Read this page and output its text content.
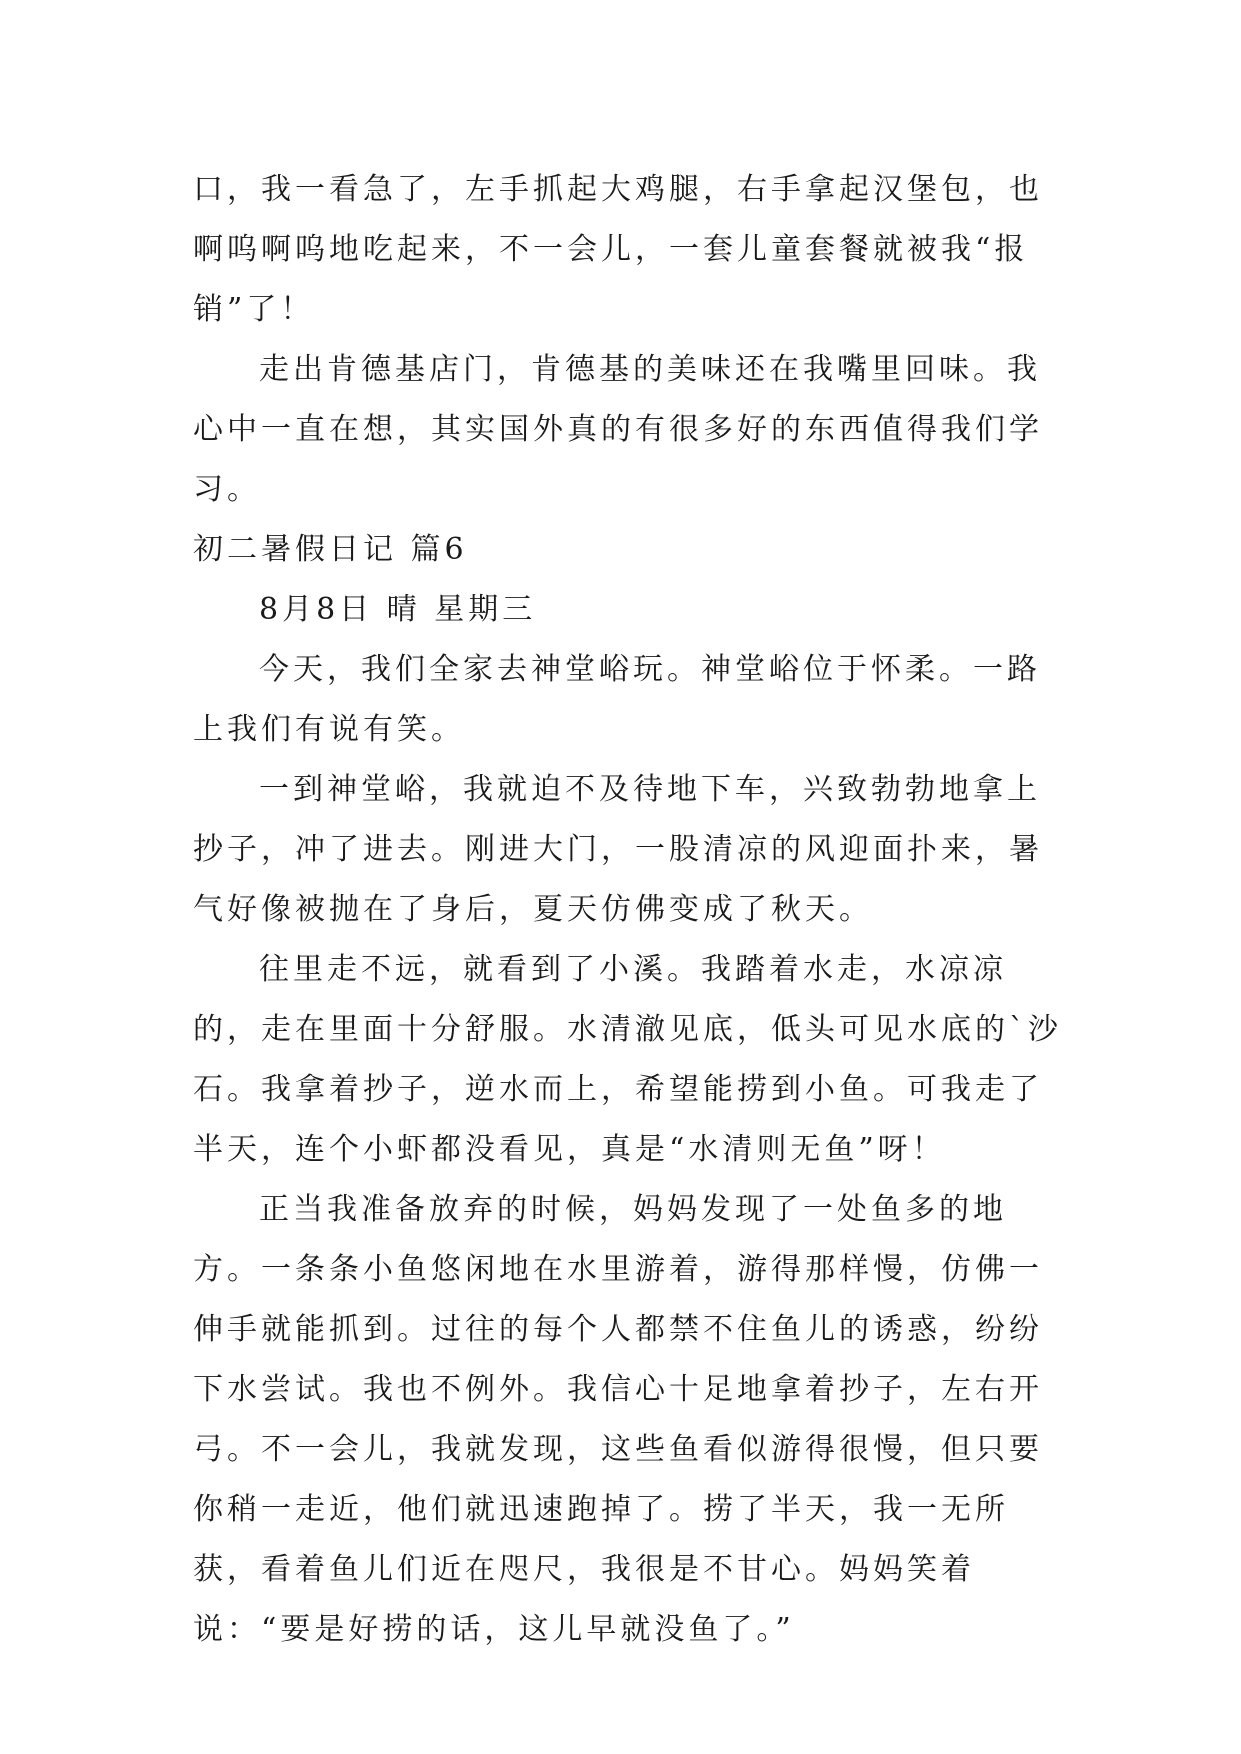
口，我一看急了，左手抓起大鸡腿，右手拿起汉堡包，也啊呜啊呜地吃起来，不一会儿，一套儿童套餐就被我“报销”了！

走出肯德基店门，肯德基的美味还在我嘴里回味。我心中一直在想，其实国外真的有很多好的东西值得我们学习。

初二暑假日记 篇6

8月8日 晴 星期三

今天，我们全家去神堂峪玩。神堂峪位于怀柔。一路上我们有说有笑。

一到神堂峪，我就迫不及待地下车，兴致勃勃地拿上抄子，冲了进去。刚进大门，一股清凉的风迎面扑来，暑气好像被抛在了身后，夏天仿佛变成了秋天。

往里走不远，就看到了小溪。我踏着水走，水凉凉的，走在里面十分舒服。水清澈见底，低头可见水底的`沙石。我拿着抄子，逆水而上，希望能捞到小鱼。可我走了半天，连个小虾都没看见，真是“水清则无鱼”呀！

正当我准备放弃的时候，妈妈发现了一处鱼多的地方。一条条小鱼悠闲地在水里游着，游得那样慢，仿佛一伸手就能抓到。过往的每个人都禁不住鱼儿的诱惑，纷纷下水尝试。我也不例外。我信心十足地拿着抄子，左右开弓。不一会儿，我就发现，这些鱼看似游得很慢，但只要你稍一走近，他们就迅速跑掉了。捞了半天，我一无所获，看着鱼儿们近在咫尺，我很是不甘心。妈妈笑着说：“要是好捞的话，这儿早就没鱼了。”
